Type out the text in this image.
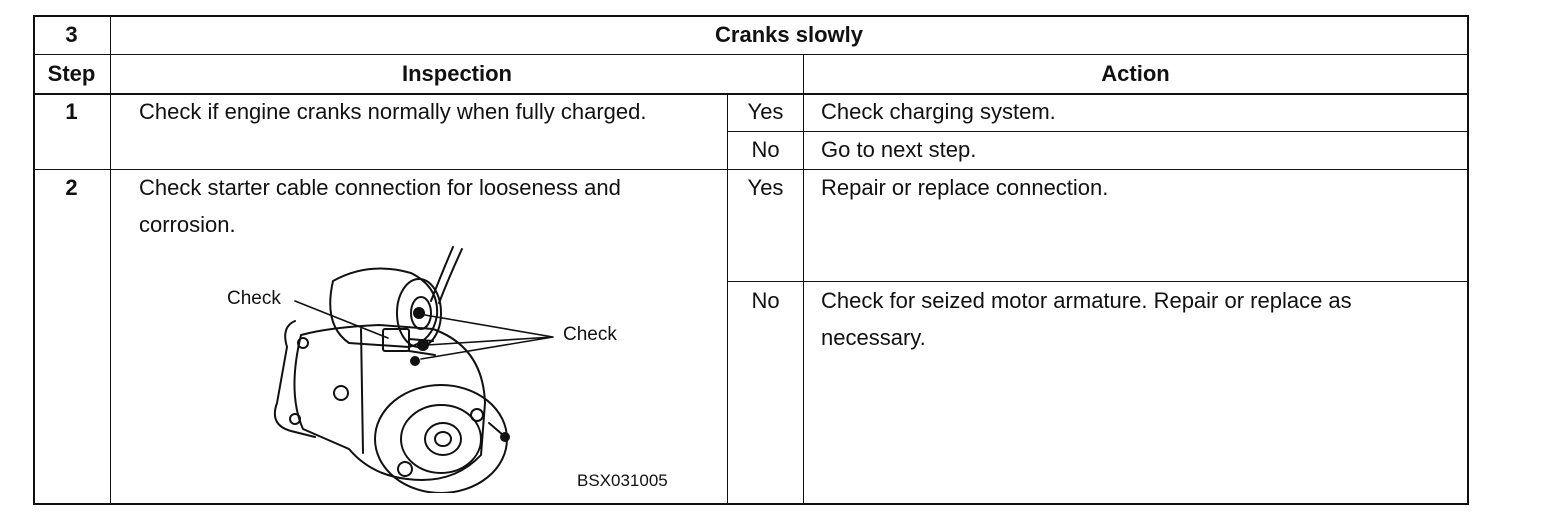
3	Cranks slowly
Step	Inspection	Action
1	Check if engine cranks normally when fully charged.	Yes	Check charging system.
No	Go to next step.
2	Check starter cable connection for looseness and corrosion.
Yes	Repair or replace connection.
No	Check for seized motor armature. Repair or replace as necessary.
Check
Check
BSX031005
